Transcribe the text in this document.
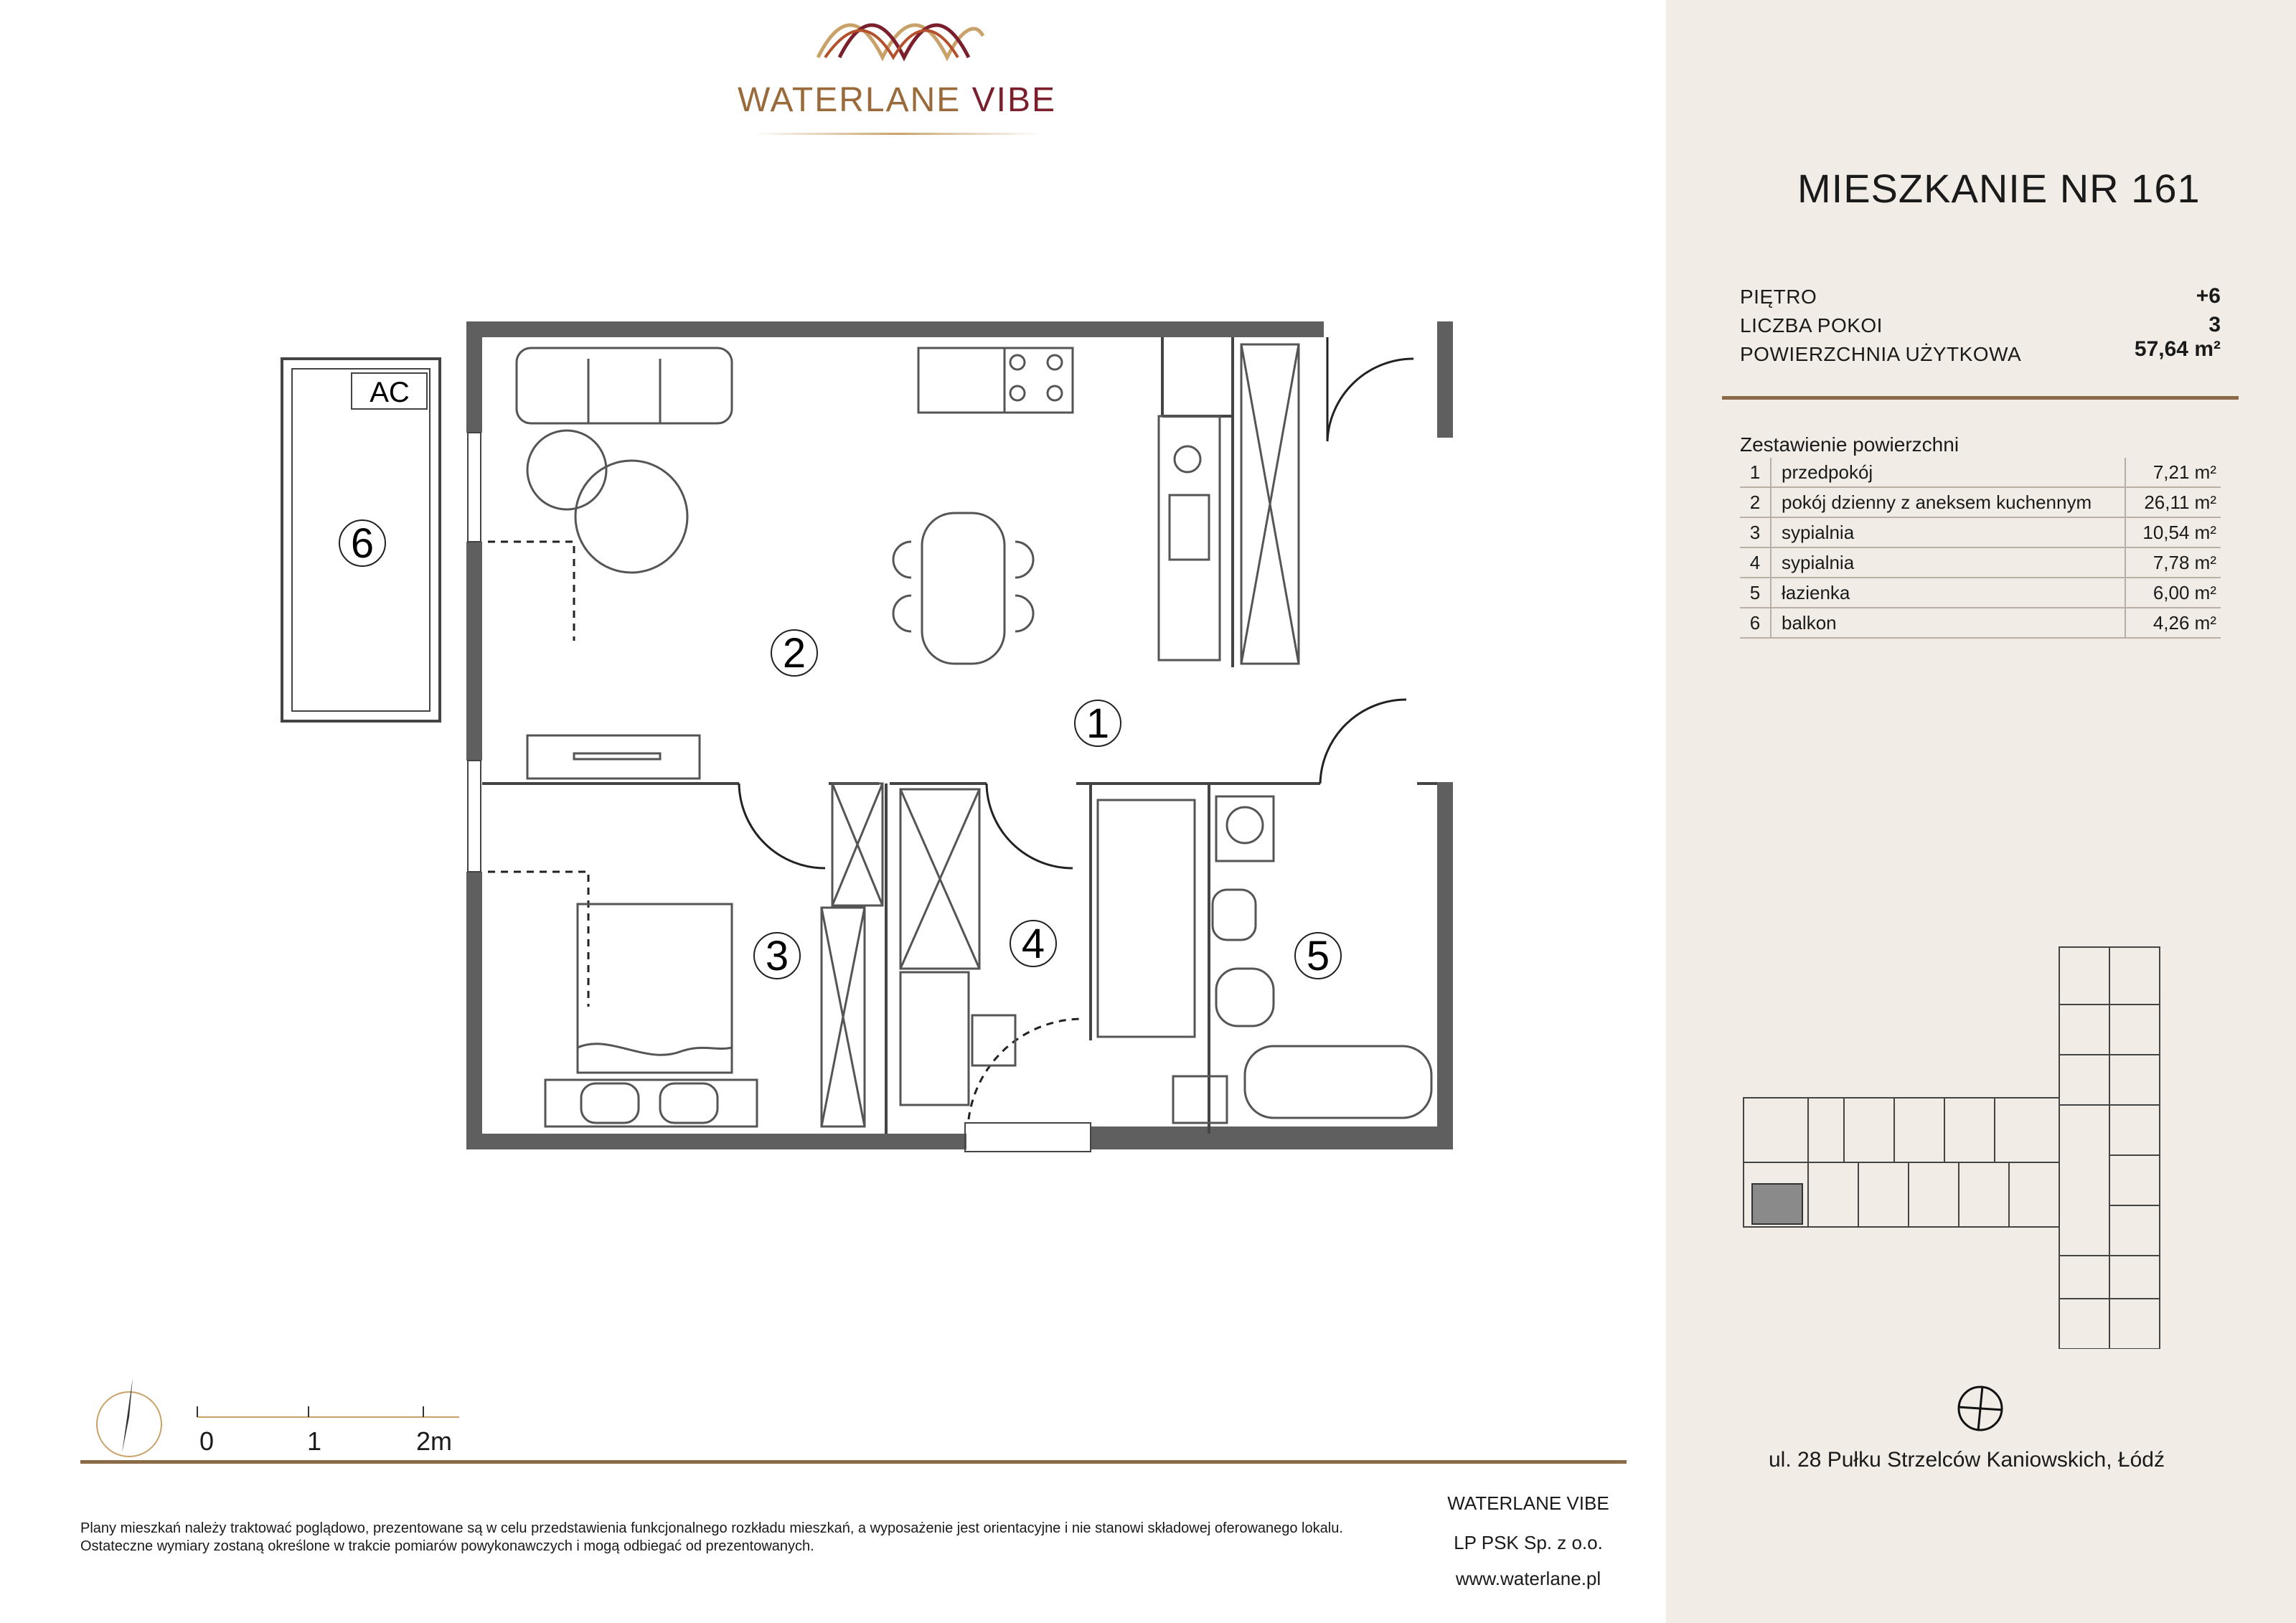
WATERLANE VIBE
MIESZKANIE NR 161
PIĘTRO	+6
LICZBA POKOI	3
POWIERZCHNIA UŻYTKOWA	57,64 m²
Zestawienie powierzchni
1	przedpokój	7,21 m²
2	pokój dzienny z aneksem kuchennym	26,11 m²
3	sypialnia	10,54 m²
4	sypialnia	7,78 m²
5	łazienka	6,00 m²
6	balkon	4,26 m²
ul. 28 Pułku Strzelców Kaniowskich, Łódź
AC
1
2
3	4	5
6
0	1	2m
Plany mieszkań należy traktować poglądowo, prezentowane są w celu przedstawienia funkcjonalnego rozkładu mieszkań, a wyposażenie jest orientacyjne i nie stanowi składowej oferowanego lokalu.
Ostateczne wymiary zostaną określone w trakcie pomiarów powykonawczych i mogą odbiegać od prezentowanych.
WATERLANE VIBE
LP PSK Sp. z o.o.
www.waterlane.pl
